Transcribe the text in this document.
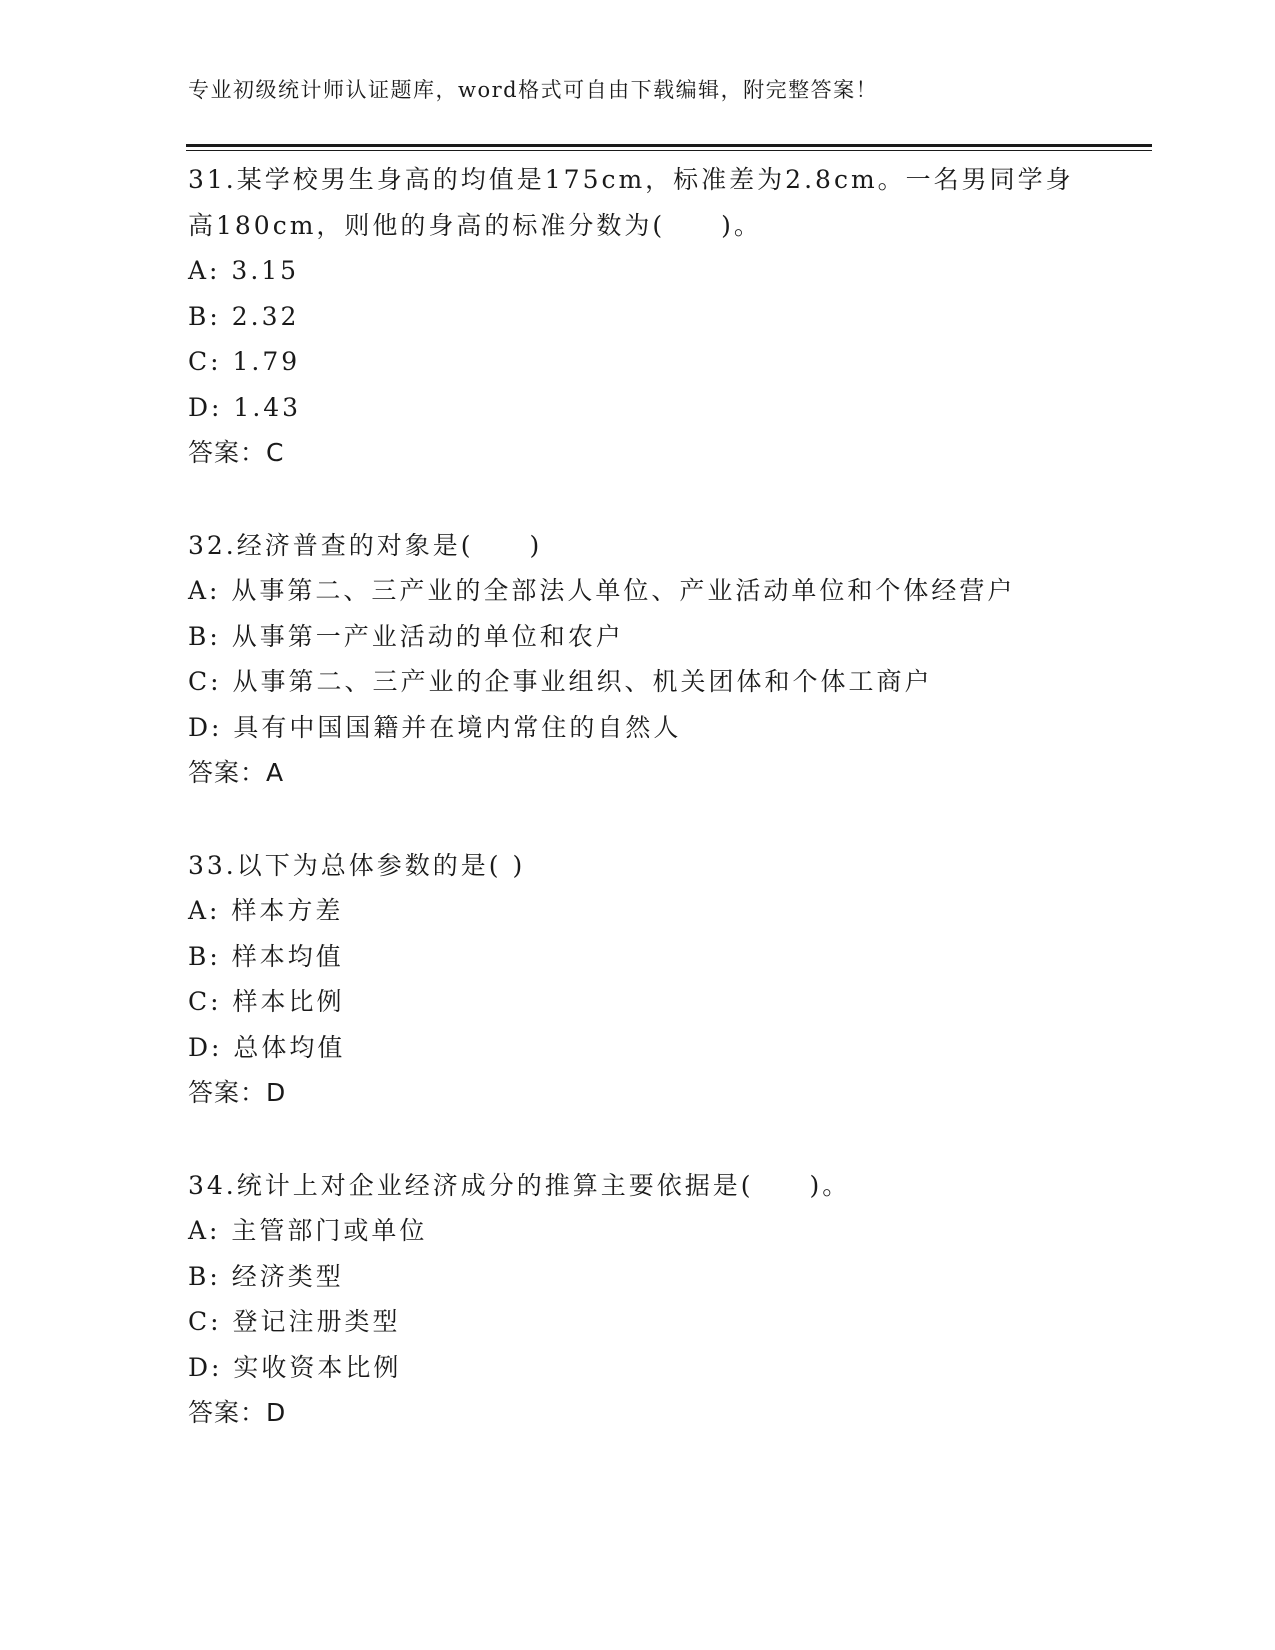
专业初级统计师认证题库，word格式可自由下载编辑，附完整答案！
31.某学校男生身高的均值是175cm，标准差为2.8cm。一名男同学身
高180cm，则他的身高的标准分数为(　　)。
A: 3.15
B: 2.32
C: 1.79
D: 1.43
答案：C
32.经济普查的对象是(　　)
A: 从事第二、三产业的全部法人单位、产业活动单位和个体经营户
B: 从事第一产业活动的单位和农户
C: 从事第二、三产业的企事业组织、机关团体和个体工商户
D: 具有中国国籍并在境内常住的自然人
答案：A
33.以下为总体参数的是( )
A: 样本方差
B: 样本均值
C: 样本比例
D: 总体均值
答案：D
34.统计上对企业经济成分的推算主要依据是(　　)。
A: 主管部门或单位
B: 经济类型
C: 登记注册类型
D: 实收资本比例
答案：D
